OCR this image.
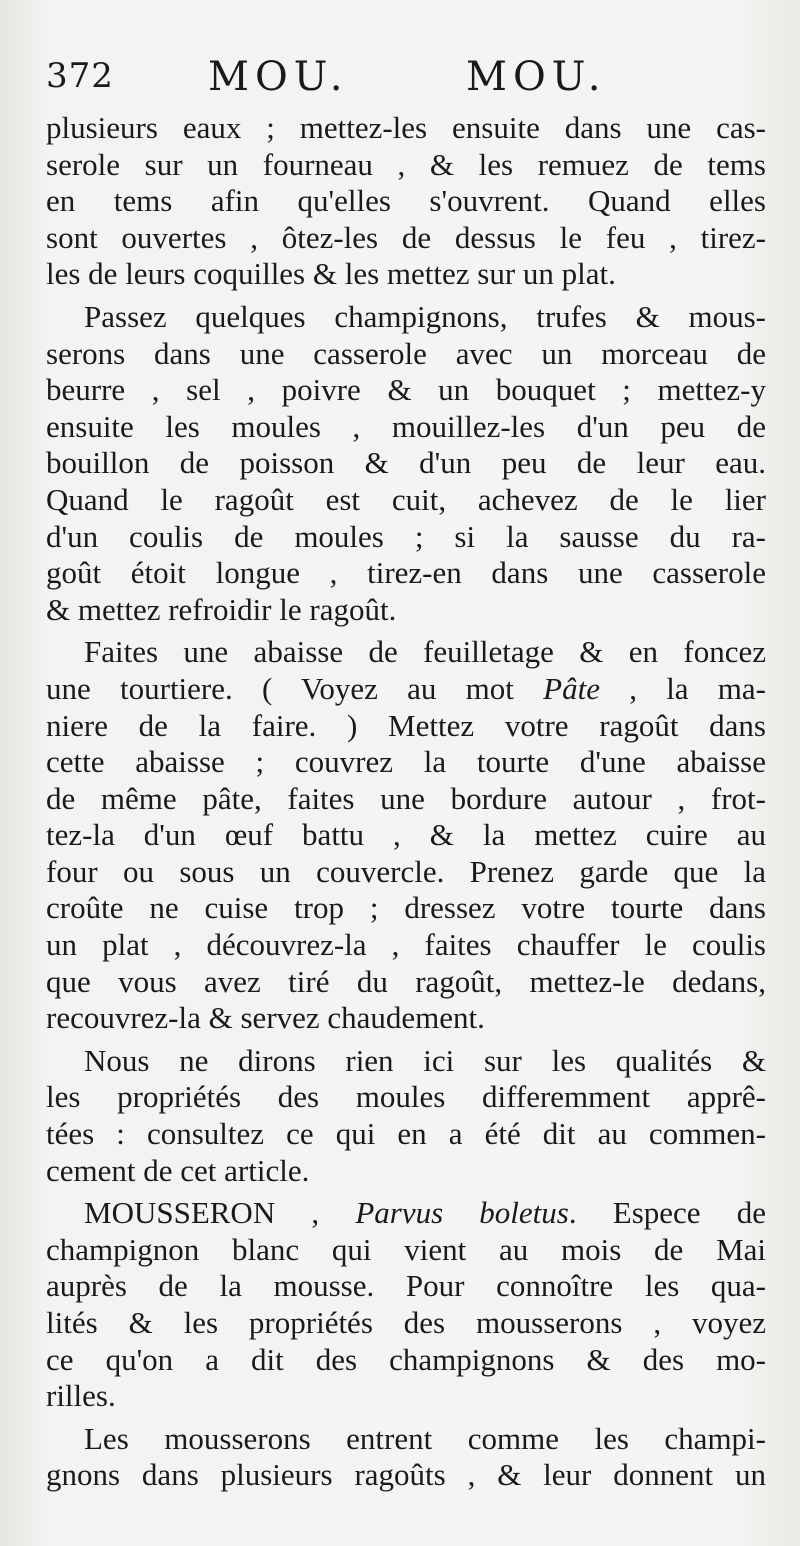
372 MOU.	MOU.
plusieurs eaux ; mettez-les ensuite dans une cas-
serole sur un fourneau , & les remuez de tems
en tems afin qu'elles s'ouvrent. Quand elles
sont ouvertes , ôtez-les de dessus le feu , tirez-
les de leurs coquilles & les mettez sur un plat.
Passez quelques champignons, trufes & mous-
serons dans une casserole avec un morceau de
beurre , sel , poivre & un bouquet ; mettez-y
ensuite les moules , mouillez-les d'un peu de
bouillon de poisson & d'un peu de leur eau.
Quand le ragoût est cuit, achevez de le lier
d'un coulis de moules ; si la sausse du ra-
goût étoit longue , tirez-en dans une casserole
& mettez refroidir le ragoût.
Faites une abaisse de feuilletage & en foncez
une tourtiere. ( Voyez au mot Pâte , la ma-
niere de la faire. ) Mettez votre ragoût dans
cette abaisse ; couvrez la tourte d'une abaisse
de même pâte, faites une bordure autour , frot-
tez-la d'un œuf battu , & la mettez cuire au
four ou sous un couvercle. Prenez garde que la
croûte ne cuise trop ; dressez votre tourte dans
un plat , découvrez-la , faites chauffer le coulis
que vous avez tiré du ragoût, mettez-le dedans,
recouvrez-la & servez chaudement.
Nous ne dirons rien ici sur les qualités &
les propriétés des moules differemment apprê-
tées : consultez ce qui en a été dit au commen-
cement de cet article.
MOUSSERON , Parvus boletus. Espece de
champignon blanc qui vient au mois de Mai
auprès de la mousse. Pour connoître les qua-
lités & les propriétés des mousserons , voyez
ce qu'on a dit des champignons & des mo-
rilles.
Les mousserons entrent comme les champi-
gnons dans plusieurs ragoûts , & leur donnent un
